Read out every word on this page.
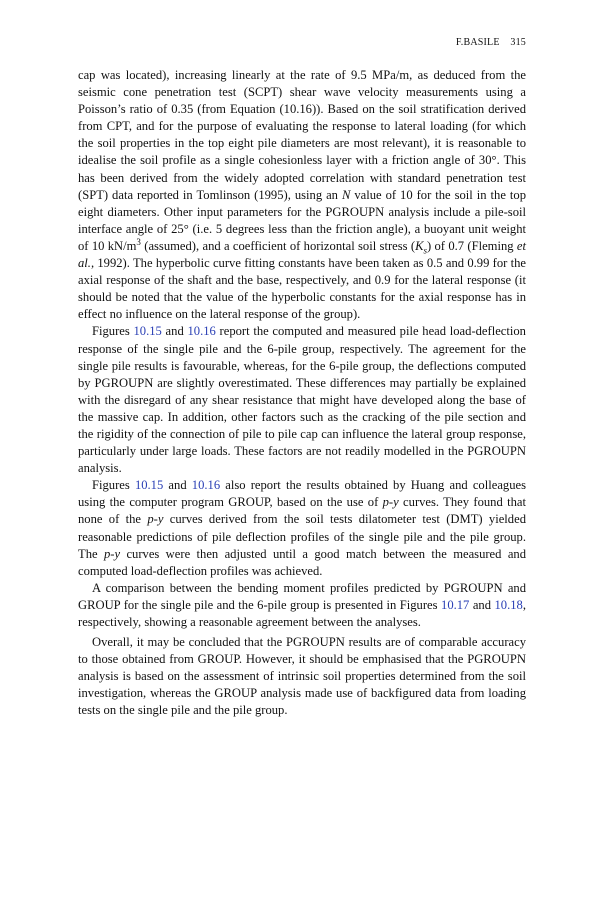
F.BASILE 315

cap was located), increasing linearly at the rate of 9.5 MPa/m, as deduced from the seismic cone penetration test (SCPT) shear wave velocity measurements using a Poisson’s ratio of 0.35 (from Equation (10.16)). Based on the soil stratification derived from CPT, and for the purpose of evaluating the response to lateral loading (for which the soil properties in the top eight pile diameters are most relevant), it is reasonable to idealise the soil profile as a single cohesionless layer with a friction angle of 30°. This has been derived from the widely adopted correlation with standard penetration test (SPT) data reported in Tomlinson (1995), using an N value of 10 for the soil in the top eight diameters. Other input parameters for the PGROUPN analysis include a pile-soil interface angle of 25° (i.e. 5 degrees less than the friction angle), a buoyant unit weight of 10 $kN/m^3$ (assumed), and a coefficient of horizontal soil stress $(K_s)$ of 0.7 (Fleming et al., 1992). The hyperbolic curve fitting constants have been taken as 0.5 and 0.99 for the axial response of the shaft and the base, respectively, and 0.9 for the lateral response (it should be noted that the value of the hyperbolic constants for the axial response has in effect no influence on the lateral response of the group).

Figures 10.15 and 10.16 report the computed and measured pile head load-deflection response of the single pile and the 6-pile group, respectively. The agreement for the single pile results is favourable, whereas, for the 6-pile group, the deflections computed by PGROUPN are slightly overestimated. These differences may partially be explained with the disregard of any shear resistance that might have developed along the base of the massive cap. In addition, other factors such as the cracking of the pile section and the rigidity of the connection of pile to pile cap can influence the lateral group response, particularly under large loads. These factors are not readily modelled in the PGROUPN analysis.

Figures 10.15 and 10.16 also report the results obtained by Huang and colleagues using the computer program GROUP, based on the use of p-y curves. They found that none of the p-y curves derived from the soil tests dilatometer test (DMT) yielded reasonable predictions of pile deflection profiles of the single pile and the pile group. The p-y curves were then adjusted until a good match between the measured and computed load-deflection profiles was achieved.

A comparison between the bending moment profiles predicted by PGROUPN and GROUP for the single pile and the 6-pile group is presented in Figures 10.17 and 10.18, respectively, showing a reasonable agreement between the analyses.

Overall, it may be concluded that the PGROUPN results are of comparable accuracy to those obtained from GROUP. However, it should be emphasised that the PGROUPN analysis is based on the assessment of intrinsic soil properties determined from the soil investigation, whereas the GROUP analysis made use of backfigured data from loading tests on the single pile and the pile group.
